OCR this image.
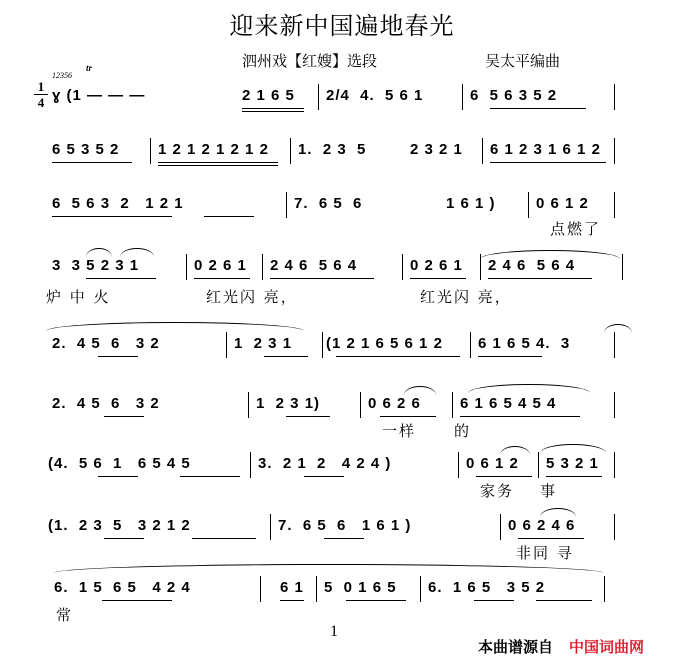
迎来新中国遍地春光
泗州戏【红嫂】选段	吴太平编曲
1
4
12356
tr
ɣ (1 — — —	2 1 6 5 2/4  4.  5 6 1	6  5 6 3 5 2
6 5 3 5 2	1 2 1 2 1 2 1 2 1.  2 3  5	2 3 2 1 6 1 2 3 1 6 1 2
6  5 6 3  2   1 2 1	7.  6 5  6	1 6 1 )	0 6 1 2
点燃了
3  3 5 2 3 1	0 2 6 1 2 4 6  5 6 4	0 2 6 1 2 4 6  5 6 4
炉 中 火	红光闪 亮，	红光闪 亮，
2.  4 5  6   3 2	1  2 3 1 (1 2 1 6 5 6 1 2 6 1 6 5 4.  3
2.  4 5  6   3 2	1  2 3 1)	0 6 2 6	6 1 6 5 4 5 4
一样	的
(4.  5 6  1   6 5 4 5	3.  2 1  2   4 2 4 )	0 6 1 2 5 3 2 1
家务 事
(1.  2 3  5   3 2 1 2	7.  6 5  6   1 6 1 )	0 6 2 4 6
非同 寻
6.  1 5  6 5   4 2 4	6 1 5  0 1 6 5 6.  1 6 5   3 5 2
常
1
本曲谱源自 中国词曲网
